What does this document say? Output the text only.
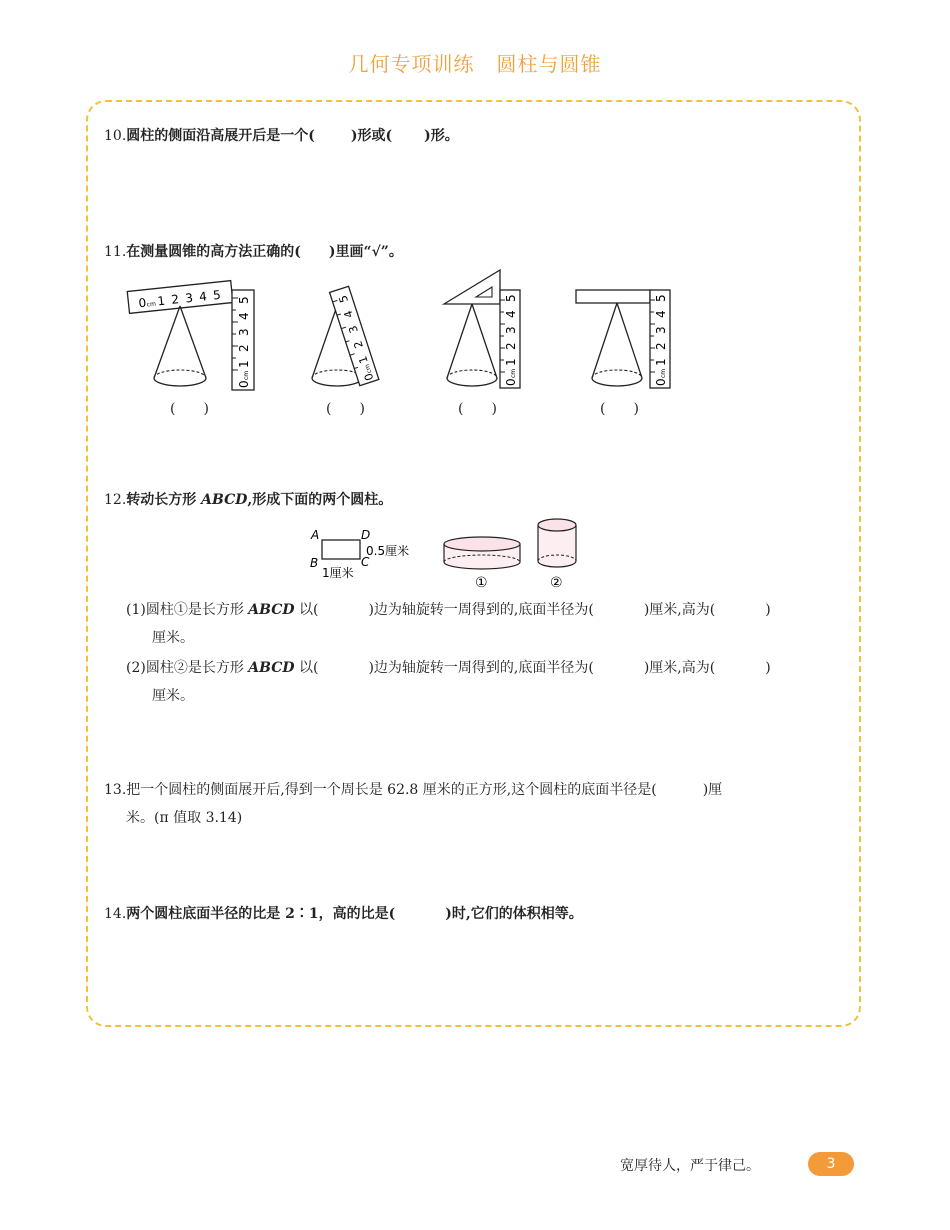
几何专项训练 圆柱与圆锥
10.圆柱的侧面沿高展开后是一个(	)形或( )形。
11.在测量圆锥的高方法正确的(　　)里画“√”。
0 cm 1 2 3 4 5
0
cm
1
2
3
4
5
0
cm
1
2
3
4
5
0
cm
1
2
3
4
5
0
cm
1
2
3
4
5
(　　)	(　　)	(　　)	(　　)
12.转动长方形 ABCD,形成下面的两个圆柱。
A
B	C
D
0.5厘米
1厘米
①	②
(1)圆柱①是长方形 ABCD 以(	)边为轴旋转一周得到的,底面半径为(	)厘米,高为(	)
厘米。
(2)圆柱②是长方形 ABCD 以(	)边为轴旋转一周得到的,底面半径为(	)厘米,高为(	)
厘米。
13.把一个圆柱的侧面展开后,得到一个周长是 62.8 厘米的正方形,这个圆柱的底面半径是(	)厘
米。(π 值取 3.14)
14.两个圆柱底面半径的比是 2∶1，高的比是(	)时,它们的体积相等。
宽厚待人，严于律己。	3
